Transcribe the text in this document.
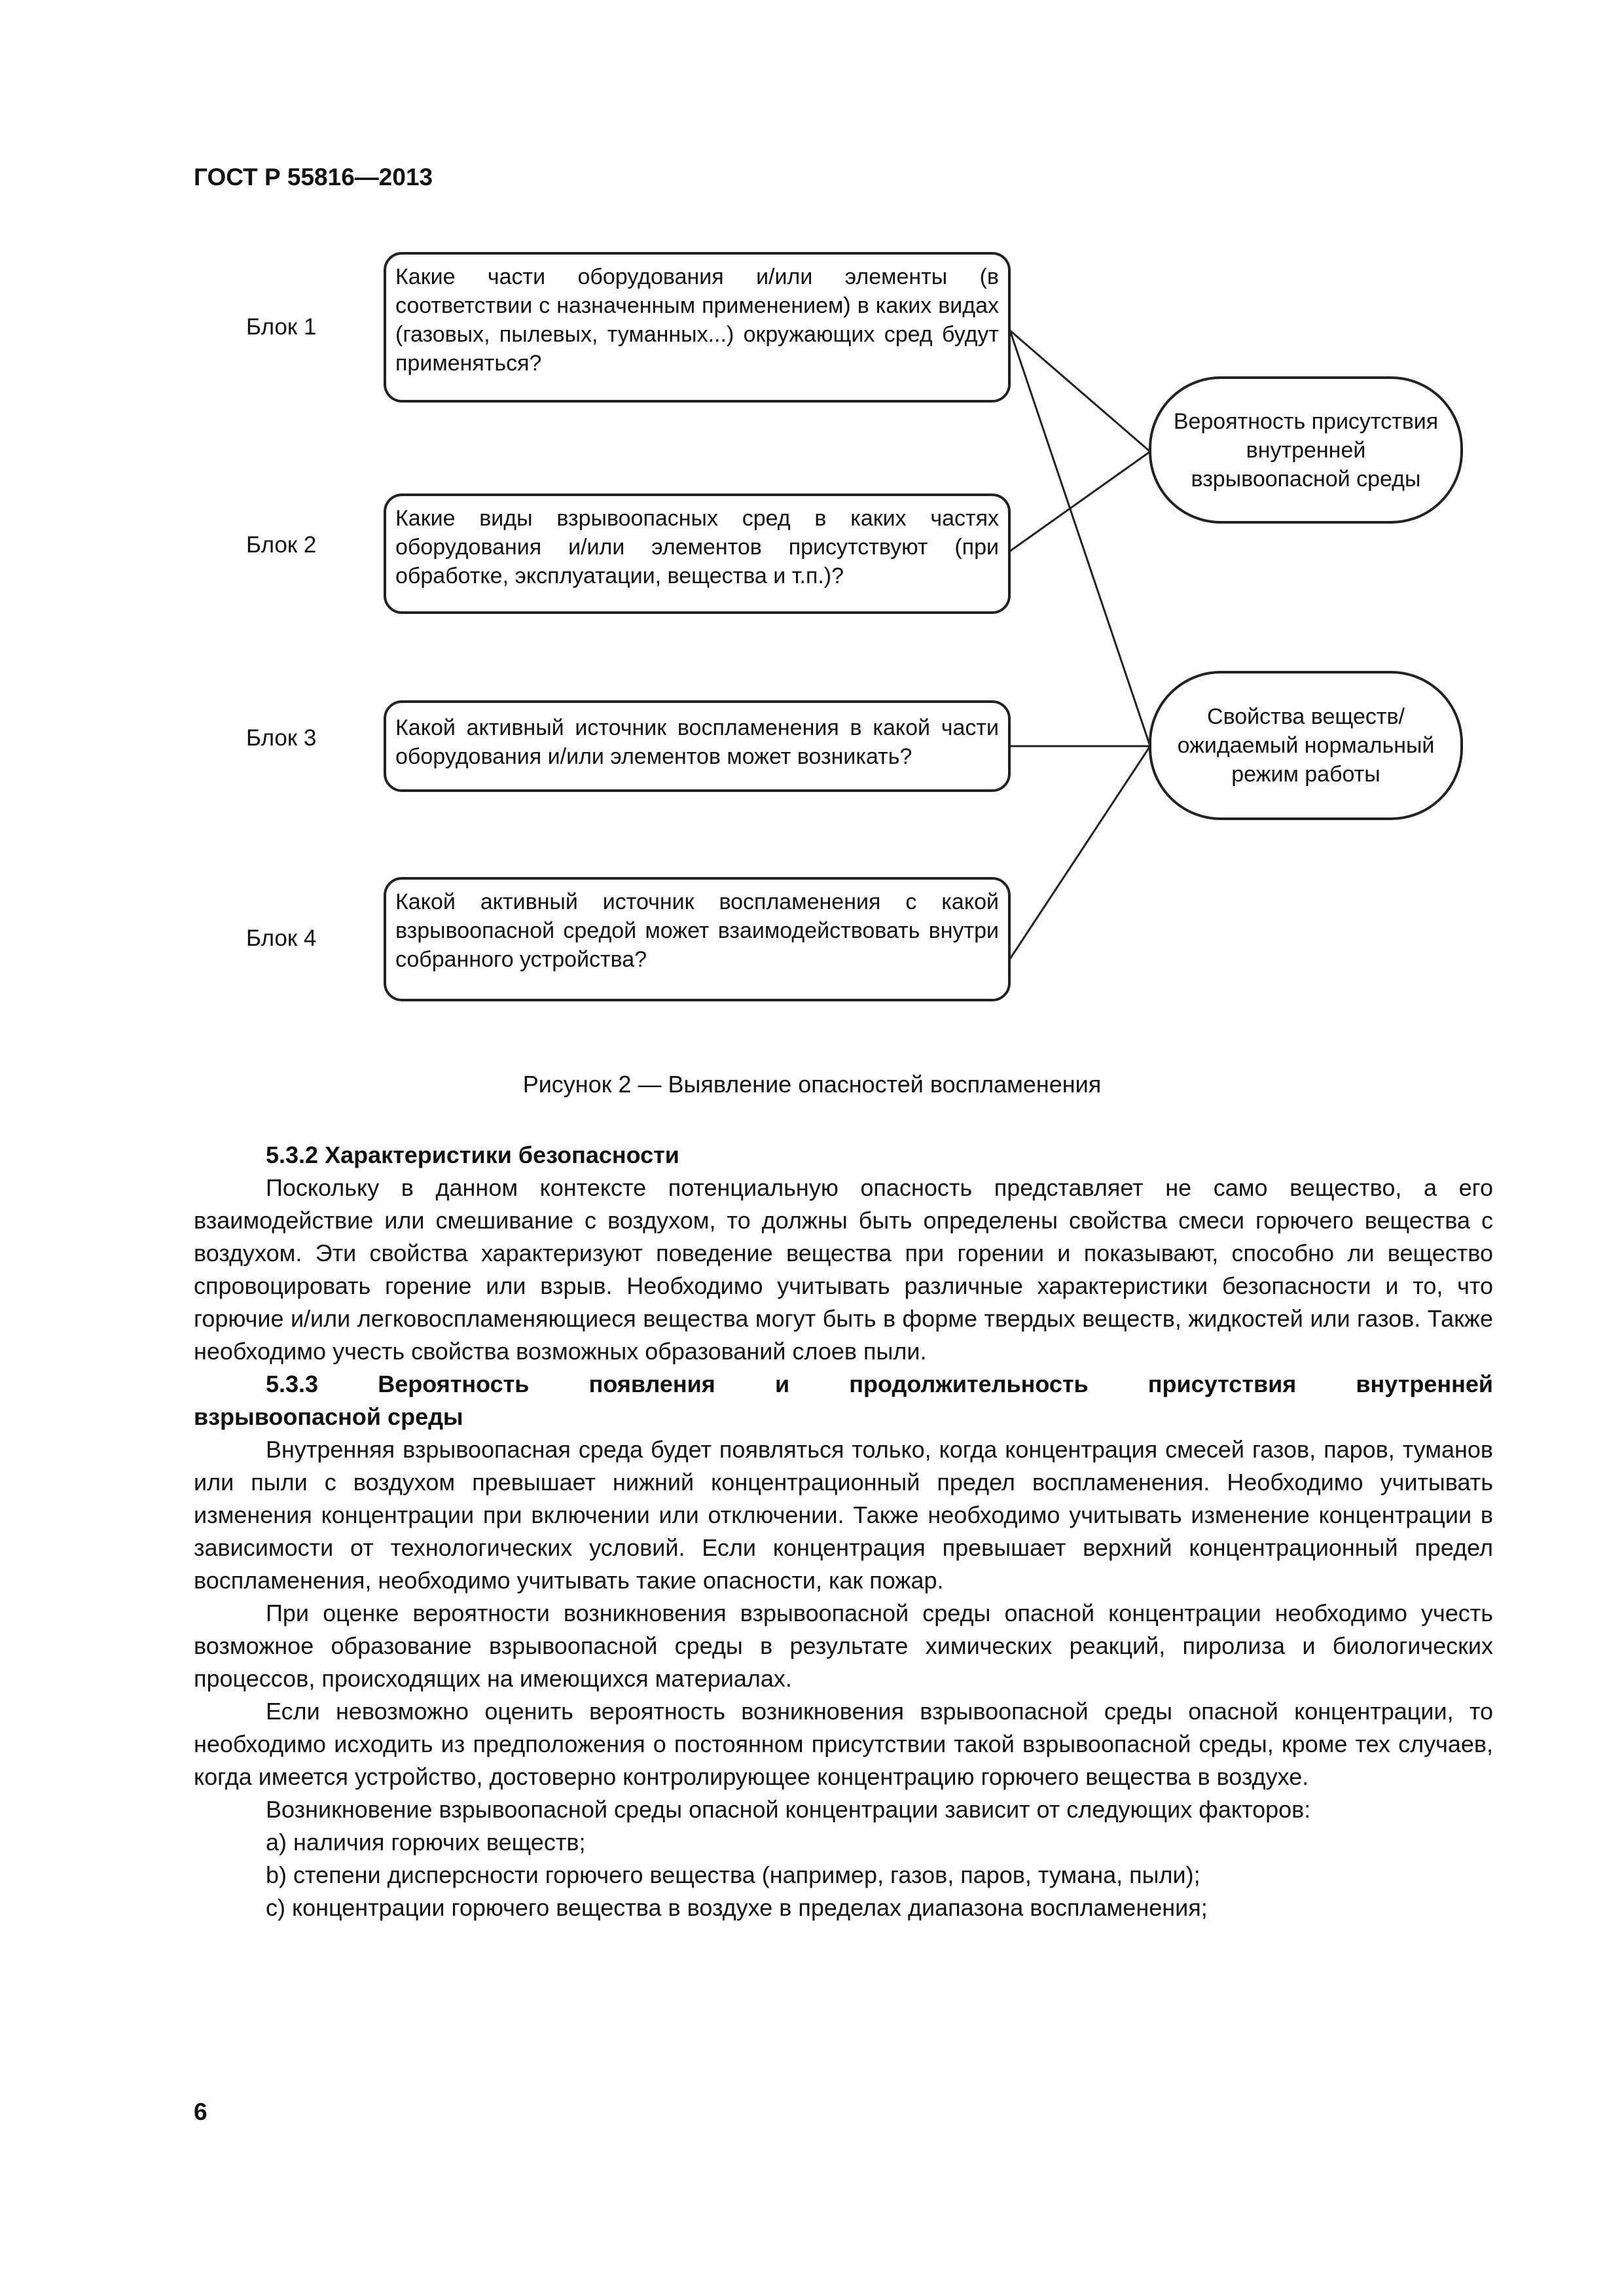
ГОСТ Р 55816—2013
Блок 1
Какие части оборудования и/или элементы (в соответствии с назначенным применением) в каких видах (газовых, пылевых, туманных...) окружающих сред будут применяться?
Блок 2
Какие виды взрывоопасных сред в каких частях оборудования и/или элементов присутствуют (при обработке, эксплуатации, вещества и т.п.)?
Блок 3	Какой активный источник воспламенения в какой части оборудования и/или элементов может возникать?
Блок 4
Какой активный источник воспламенения с какой взрывоопасной средой может взаимодействовать внутри собранного устройства?
Вероятность присутствия внутренней взрывоопасной среды
Свойства веществ/ожидаемый нормальный режим работы
Рисунок 2 — Выявление опасностей воспламенения

5.3.2 Характеристики безопасности

Поскольку в данном контексте потенциальную опасность представляет не само вещество, а его взаимодействие или смешивание с воздухом, то должны быть определены свойства смеси горючего вещества с воздухом. Эти свойства характеризуют поведение вещества при горении и показывают, способно ли вещество спровоцировать горение или взрыв. Необходимо учитывать различные характеристики безопасности и то, что горючие и/или легковоспламеняющиеся вещества могут быть в форме твердых веществ, жидкостей или газов. Также необходимо учесть свойства возможных образований слоев пыли.

5.3.3 Вероятность появления и продолжительность присутствия внутренней

взрывоопасной среды

Внутренняя взрывоопасная среда будет появляться только, когда концентрация смесей газов, паров, туманов или пыли с воздухом превышает нижний концентрационный предел воспламенения. Необходимо учитывать изменения концентрации при включении или отключении. Также необходимо учитывать изменение концентрации в зависимости от технологических условий. Если концентрация превышает верхний концентрационный предел воспламенения, необходимо учитывать такие опасности, как пожар.

При оценке вероятности возникновения взрывоопасной среды опасной концентрации необходимо учесть возможное образование взрывоопасной среды в результате химических реакций, пиролиза и биологических процессов, происходящих на имеющихся материалах.

Если невозможно оценить вероятность возникновения взрывоопасной среды опасной концентрации, то необходимо исходить из предположения о постоянном присутствии такой взрывоопасной среды, кроме тех случаев, когда имеется устройство, достоверно контролирующее концентрацию горючего вещества в воздухе.

Возникновение взрывоопасной среды опасной концентрации зависит от следующих факторов:

a) наличия горючих веществ;

b) степени дисперсности горючего вещества (например, газов, паров, тумана, пыли);

c) концентрации горючего вещества в воздухе в пределах диапазона воспламенения;

6
